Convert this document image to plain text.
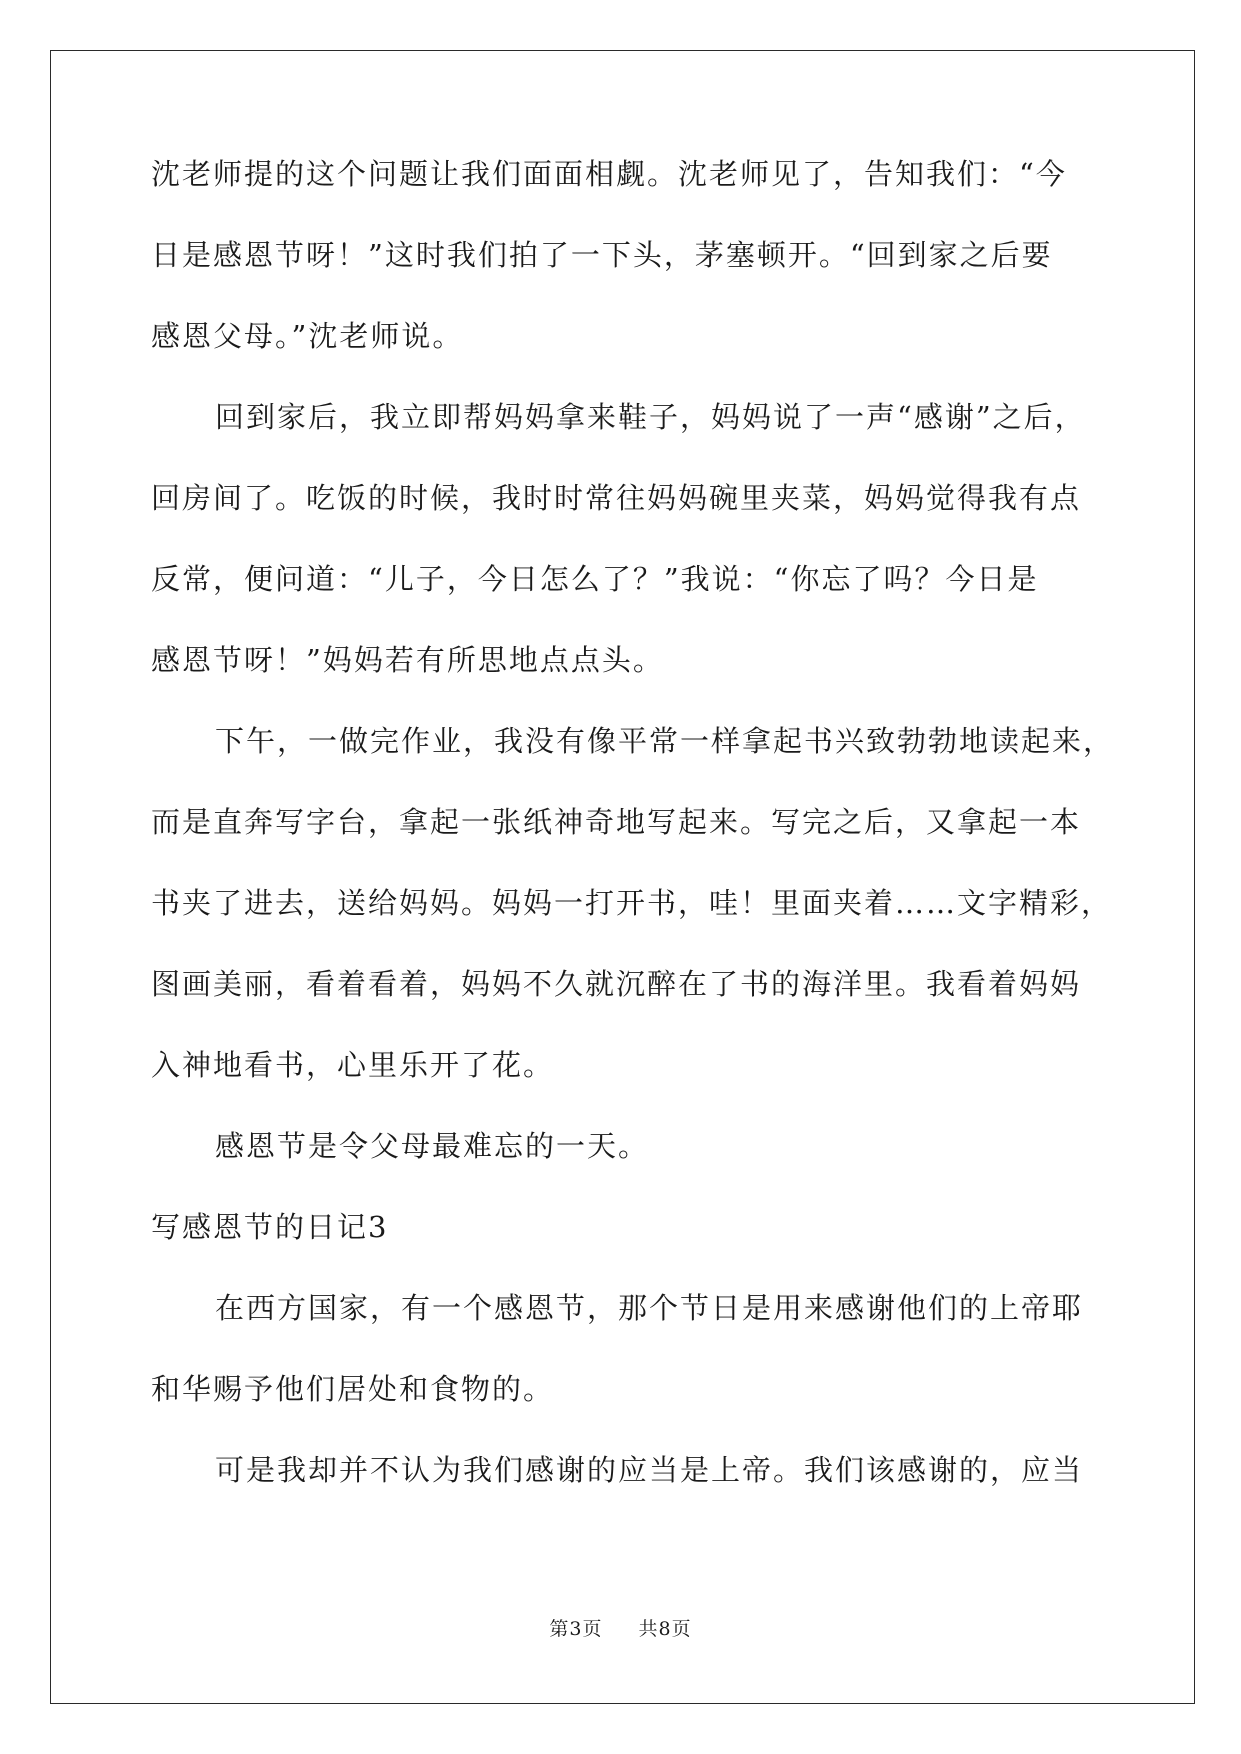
沈老师提的这个问题让我们面面相觑。沈老师见了，告知我们：“今
日是感恩节呀！”这时我们拍了一下头，茅塞顿开。“回到家之后要
感恩父母。”沈老师说。
回到家后，我立即帮妈妈拿来鞋子，妈妈说了一声“感谢”之后，
回房间了。吃饭的时候，我时时常往妈妈碗里夹菜，妈妈觉得我有点
反常，便问道：“儿子，今日怎么了？”我说：“你忘了吗？今日是
感恩节呀！”妈妈若有所思地点点头。
下午，一做完作业，我没有像平常一样拿起书兴致勃勃地读起来，
而是直奔写字台，拿起一张纸神奇地写起来。写完之后，又拿起一本
书夹了进去，送给妈妈。妈妈一打开书，哇！里面夹着……文字精彩，
图画美丽，看着看着，妈妈不久就沉醉在了书的海洋里。我看着妈妈
入神地看书，心里乐开了花。
感恩节是令父母最难忘的一天。
写感恩节的日记3
在西方国家，有一个感恩节，那个节日是用来感谢他们的上帝耶
和华赐予他们居处和食物的。
可是我却并不认为我们感谢的应当是上帝。我们该感谢的，应当
第3页 共8页
